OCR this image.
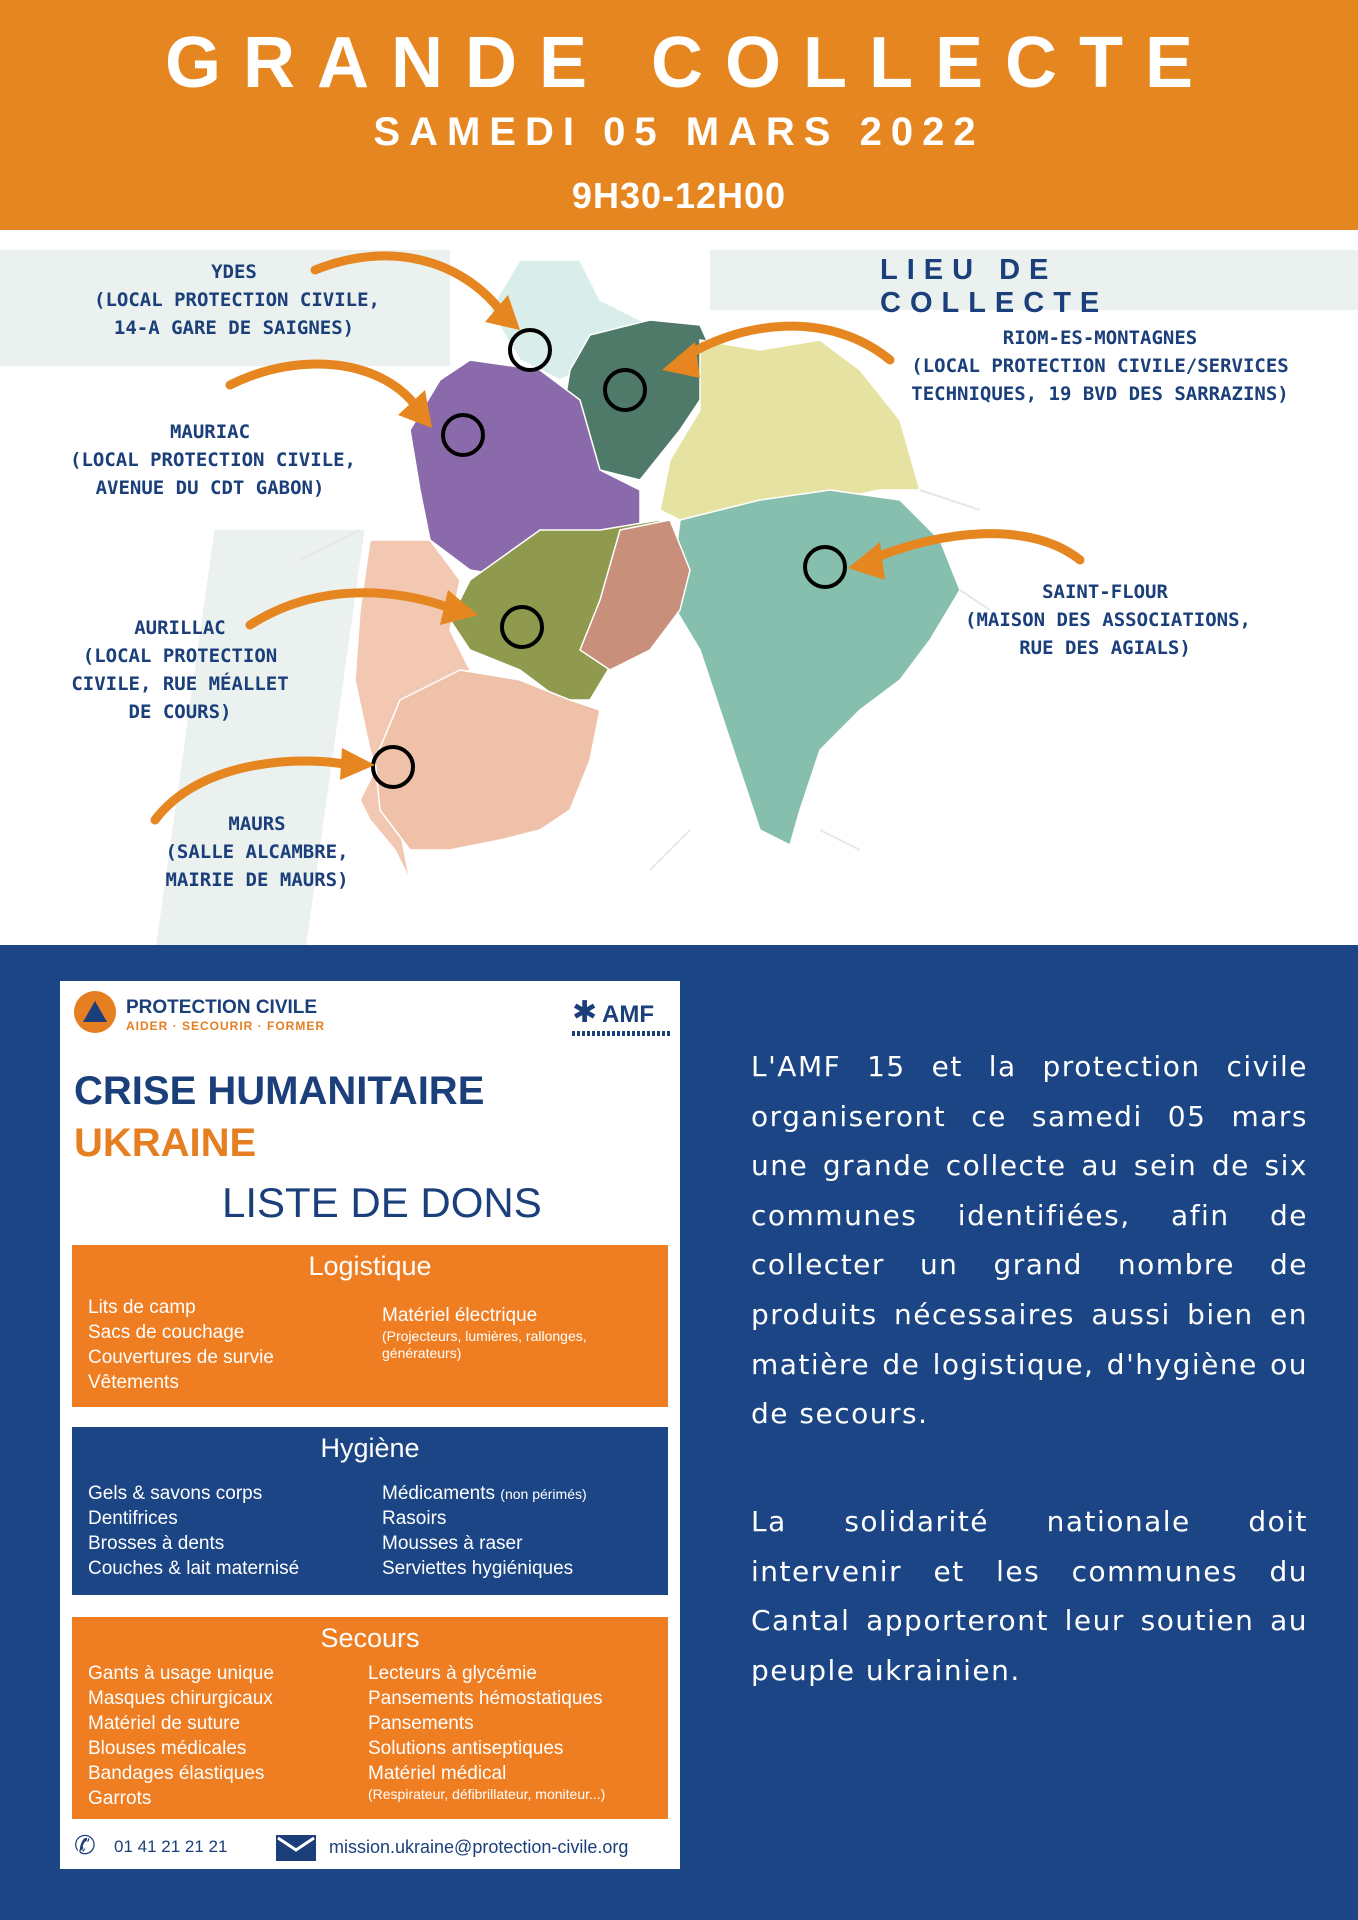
GRANDE COLLECTE
SAMEDI 05 MARS 2022
9H30-12H00
LIEU DE COLLECTE
YDES
(LOCAL PROTECTION CIVILE,
14-A GARE DE SAIGNES)	RIOM-ES-MONTAGNES
(LOCAL PROTECTION CIVILE/SERVICES
TECHNIQUES, 19 BVD DES SARRAZINS)
MAURIAC
(LOCAL PROTECTION CIVILE,
AVENUE DU CDT GABON)
SAINT-FLOUR
(MAISON DES ASSOCIATIONS,
RUE DES AGIALS)
AURILLAC
(LOCAL PROTECTION
CIVILE, RUE MÉALLET
DE COURS)
MAURS
(SALLE ALCAMBRE,
MAIRIE DE MAURS)
PROTECTION CIVILE
AIDER · SECOURIR · FORMER	✱ AMF
CRISE HUMANITAIRE
UKRAINE
LISTE DE DONS
Logistique
Lits de camp
Sacs de couchage
Couvertures de survie
Vêtements
Matériel électrique
(Projecteurs, lumières, rallonges, générateurs)
Hygiène
Gels & savons corps
Dentifrices
Brosses à dents
Couches & lait maternisé
Médicaments (non périmés)
Rasoirs
Mousses à raser
Serviettes hygiéniques
Secours
Gants à usage unique
Masques chirurgicaux
Matériel de suture
Blouses médicales
Bandages élastiques
Garrots
Lecteurs à glycémie
Pansements hémostatiques
Pansements
Solutions antiseptiques
Matériel médical
(Respirateur, défibrillateur, moniteur...)
✆ 01 41 21 21 21	mission.ukraine@protection-civile.org
L'AMF 15 et la protection civile organiseront ce samedi 05 mars une grande collecte au sein de six communes identifiées, afin de collecter un grand nombre de produits nécessaires aussi bien en matière de logistique, d'hygiène ou de secours.
La solidarité nationale doit intervenir et les communes du Cantal apporteront leur soutien au peuple ukrainien.
